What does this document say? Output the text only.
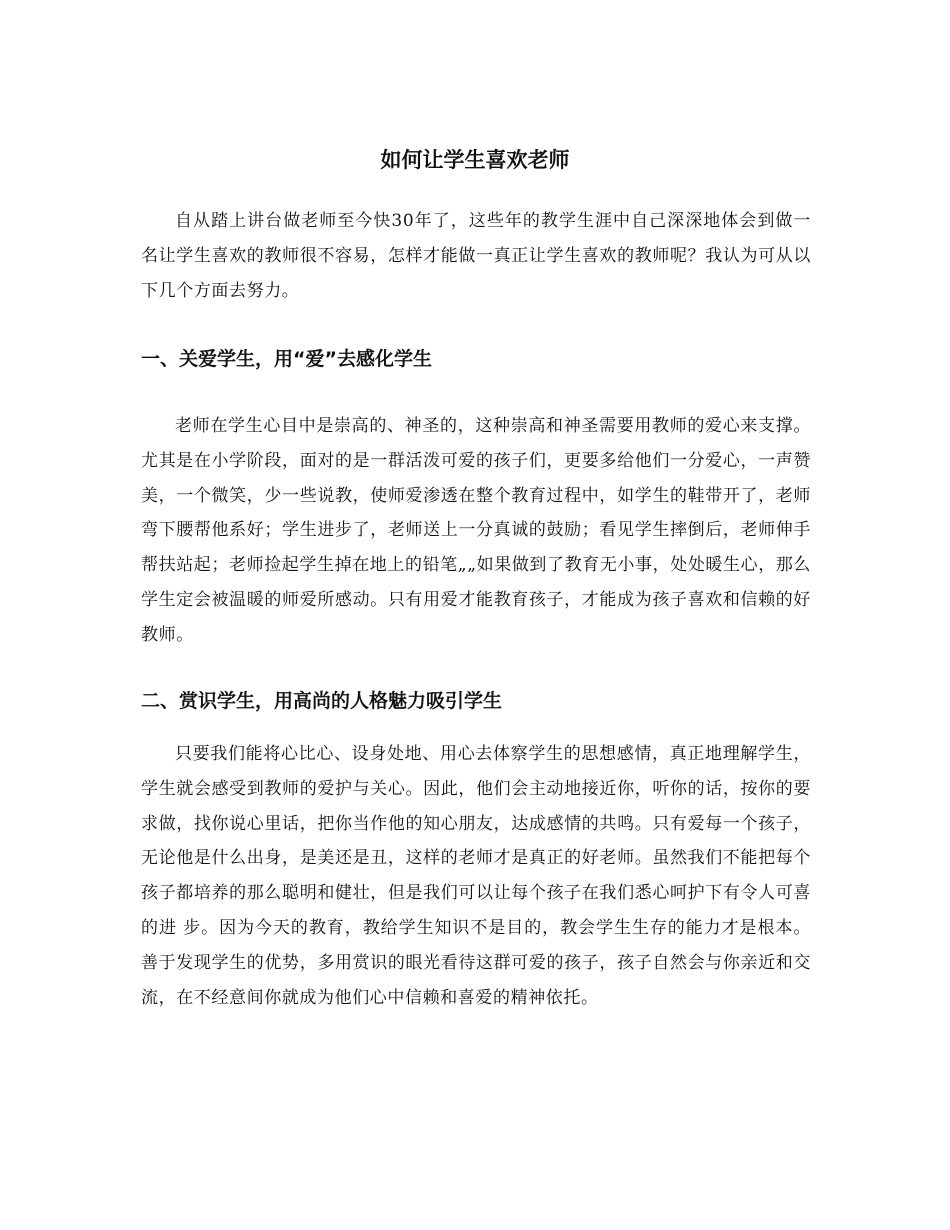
如何让学生喜欢老师

自从踏上讲台做老师至今快30年了，这些年的教学生涯中自己深深地体会到做一名让学生喜欢的教师很不容易，怎样才能做一真正让学生喜欢的教师呢？我认为可从以下几个方面去努力。

一、关爱学生，用“爱”去感化学生

老师在学生心目中是崇高的、神圣的，这种崇高和神圣需要用教师的爱心来支撑。尤其是在小学阶段，面对的是一群活泼可爱的孩子们，更要多给他们一分爱心，一声赞美，一个微笑，少一些说教，使师爱渗透在整个教育过程中，如学生的鞋带开了，老师弯下腰帮他系好；学生进步了，老师送上一分真诚的鼓励；看见学生摔倒后，老师伸手帮扶站起；老师捡起学生掉在地上的铅笔„„如果做到了教育无小事，处处暖生心，那么学生定会被温暖的师爱所感动。只有用爱才能教育孩子，才能成为孩子喜欢和信赖的好教师。

二、赏识学生，用高尚的人格魅力吸引学生

只要我们能将心比心、设身处地、用心去体察学生的思想感情，真正地理解学生，学生就会感受到教师的爱护与关心。因此，他们会主动地接近你，听你的话，按你的要求做，找你说心里话，把你当作他的知心朋友，达成感情的共鸣。只有爱每一个孩子，无论他是什么出身，是美还是丑，这样的老师才是真正的好老师。虽然我们不能把每个孩子都培养的那么聪明和健壮，但是我们可以让每个孩子在我们悉心呵护下有令人可喜的进 步。因为今天的教育，教给学生知识不是目的，教会学生生存的能力才是根本。善于发现学生的优势，多用赏识的眼光看待这群可爱的孩子，孩子自然会与你亲近和交流，在不经意间你就成为他们心中信赖和喜爱的精神依托。
